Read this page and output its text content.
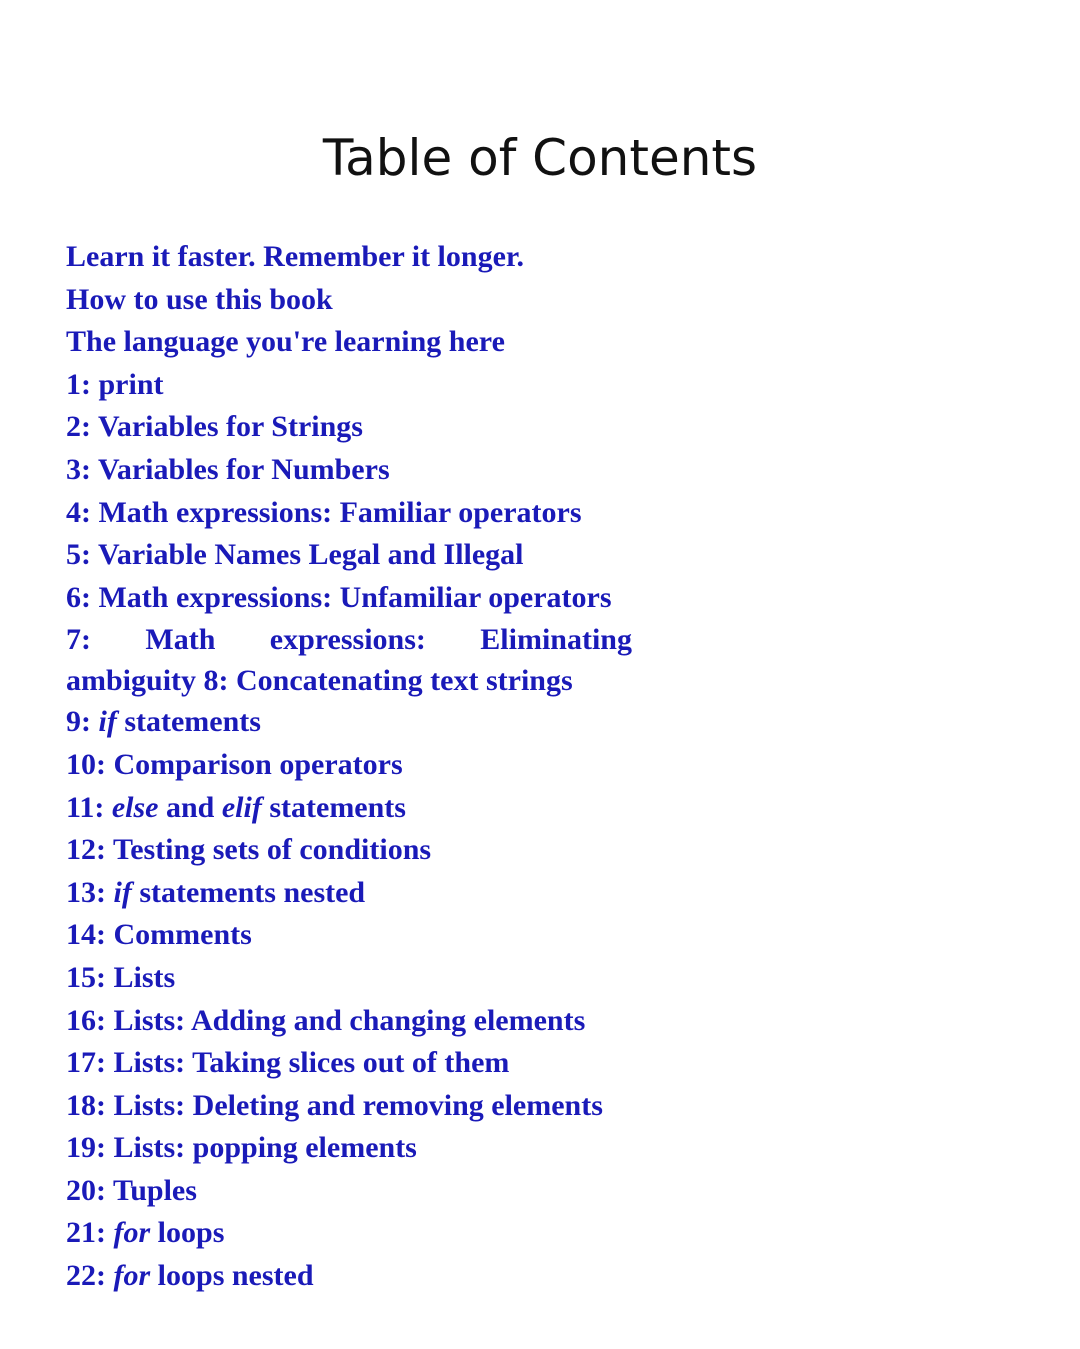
Table of Contents
Learn it faster. Remember it longer.
How to use this book
The language you're learning here
1: print
2: Variables for Strings
3: Variables for Numbers
4: Math expressions: Familiar operators
5: Variable Names Legal and Illegal
6: Math expressions: Unfamiliar operators
7: Math expressions: Eliminating
ambiguity 8: Concatenating text strings
9: if statements
10: Comparison operators
11: else and elif statements
12: Testing sets of conditions
13: if statements nested
14: Comments
15: Lists
16: Lists: Adding and changing elements
17: Lists: Taking slices out of them
18: Lists: Deleting and removing elements
19: Lists: popping elements
20: Tuples
21: for loops
22: for loops nested
